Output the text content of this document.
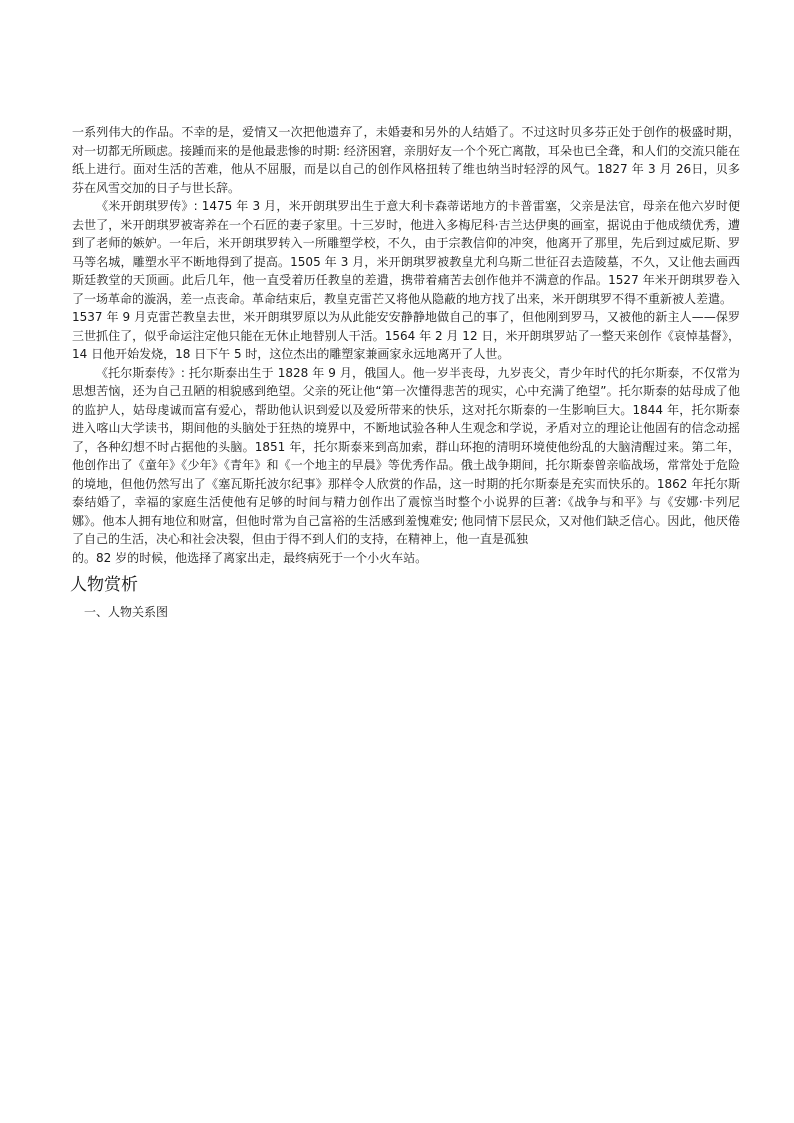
一系列伟大的作品。不幸的是，爱情又一次把他遗弃了，未婚妻和另外的人结婚了。不过这时贝多芬正处于创作的极盛时期，对一切都无所顾虑。接踵而来的是他最悲惨的时期: 经济困窘，亲朋好友一个个死亡离散，耳朵也已全聋，和人们的交流只能在纸上进行。面对生活的苦难，他从不屈服，而是以自己的创作风格扭转了维也纳当时轻浮的风气。1827 年 3 月 26日，贝多芬在风雪交加的日子与世长辞。

《米开朗琪罗传》: 1475 年 3 月，米开朗琪罗出生于意大利卡森蒂诺地方的卡普雷塞，父亲是法官，母亲在他六岁时便去世了，米开朗琪罗被寄养在一个石匠的妻子家里。十三岁时，他进入多梅尼科·吉兰达伊奥的画室，据说由于他成绩优秀，遭到了老师的嫉妒。一年后，米开朗琪罗转入一所雕塑学校，不久，由于宗教信仰的冲突，他离开了那里，先后到过威尼斯、罗马等名城，雕塑水平不断地得到了提高。1505 年 3 月，米开朗琪罗被教皇尤利乌斯二世征召去造陵墓，不久，又让他去画西斯廷教堂的天顶画。此后几年，他一直受着历任教皇的差遣，携带着痛苦去创作他并不满意的作品。1527 年米开朗琪罗卷入了一场革命的漩涡，差一点丧命。革命结束后，教皇克雷芒又将他从隐蔽的地方找了出来，米开朗琪罗不得不重新被人差遣。

1537 年 9 月克雷芒教皇去世，米开朗琪罗原以为从此能安安静静地做自己的事了，但他刚到罗马，又被他的新主人——保罗三世抓住了，似乎命运注定他只能在无休止地替别人干活。1564 年 2 月 12 日，米开朗琪罗站了一整天来创作《哀悼基督》，14 日他开始发烧，18 日下午 5 时，这位杰出的雕塑家兼画家永远地离开了人世。

《托尔斯泰传》: 托尔斯泰出生于 1828 年 9 月，俄国人。他一岁半丧母，九岁丧父，青少年时代的托尔斯泰，不仅常为思想苦恼，还为自己丑陋的相貌感到绝望。父亲的死让他“第一次懂得悲苦的现实，心中充满了绝望”。托尔斯泰的姑母成了他的监护人，姑母虔诚而富有爱心，帮助他认识到爱以及爱所带来的快乐，这对托尔斯泰的一生影响巨大。1844 年，托尔斯泰进入喀山大学读书，期间他的头脑处于狂热的境界中，不断地试验各种人生观念和学说，矛盾对立的理论让他固有的信念动摇了，各种幻想不时占据他的头脑。1851 年，托尔斯泰来到高加索，群山环抱的清明环境使他纷乱的大脑清醒过来。第二年，他创作出了《童年》《少年》《青年》和《一个地主的早晨》等优秀作品。俄土战争期间，托尔斯泰曾亲临战场，常常处于危险的境地，但他仍然写出了《塞瓦斯托波尔纪事》那样令人欣赏的作品，这一时期的托尔斯泰是充实而快乐的。1862 年托尔斯泰结婚了，幸福的家庭生活使他有足够的时间与精力创作出了震惊当时整个小说界的巨著:《战争与和平》与《安娜·卡列尼娜》。他本人拥有地位和财富，但他时常为自己富裕的生活感到羞愧难安; 他同情下层民众，又对他们缺乏信心。因此，他厌倦了自己的生活，决心和社会决裂，但由于得不到人们的支持，在精神上，他一直是孤独

的。82 岁的时候，他选择了离家出走，最终病死于一个小火车站。

人物赏析
一、人物关系图
